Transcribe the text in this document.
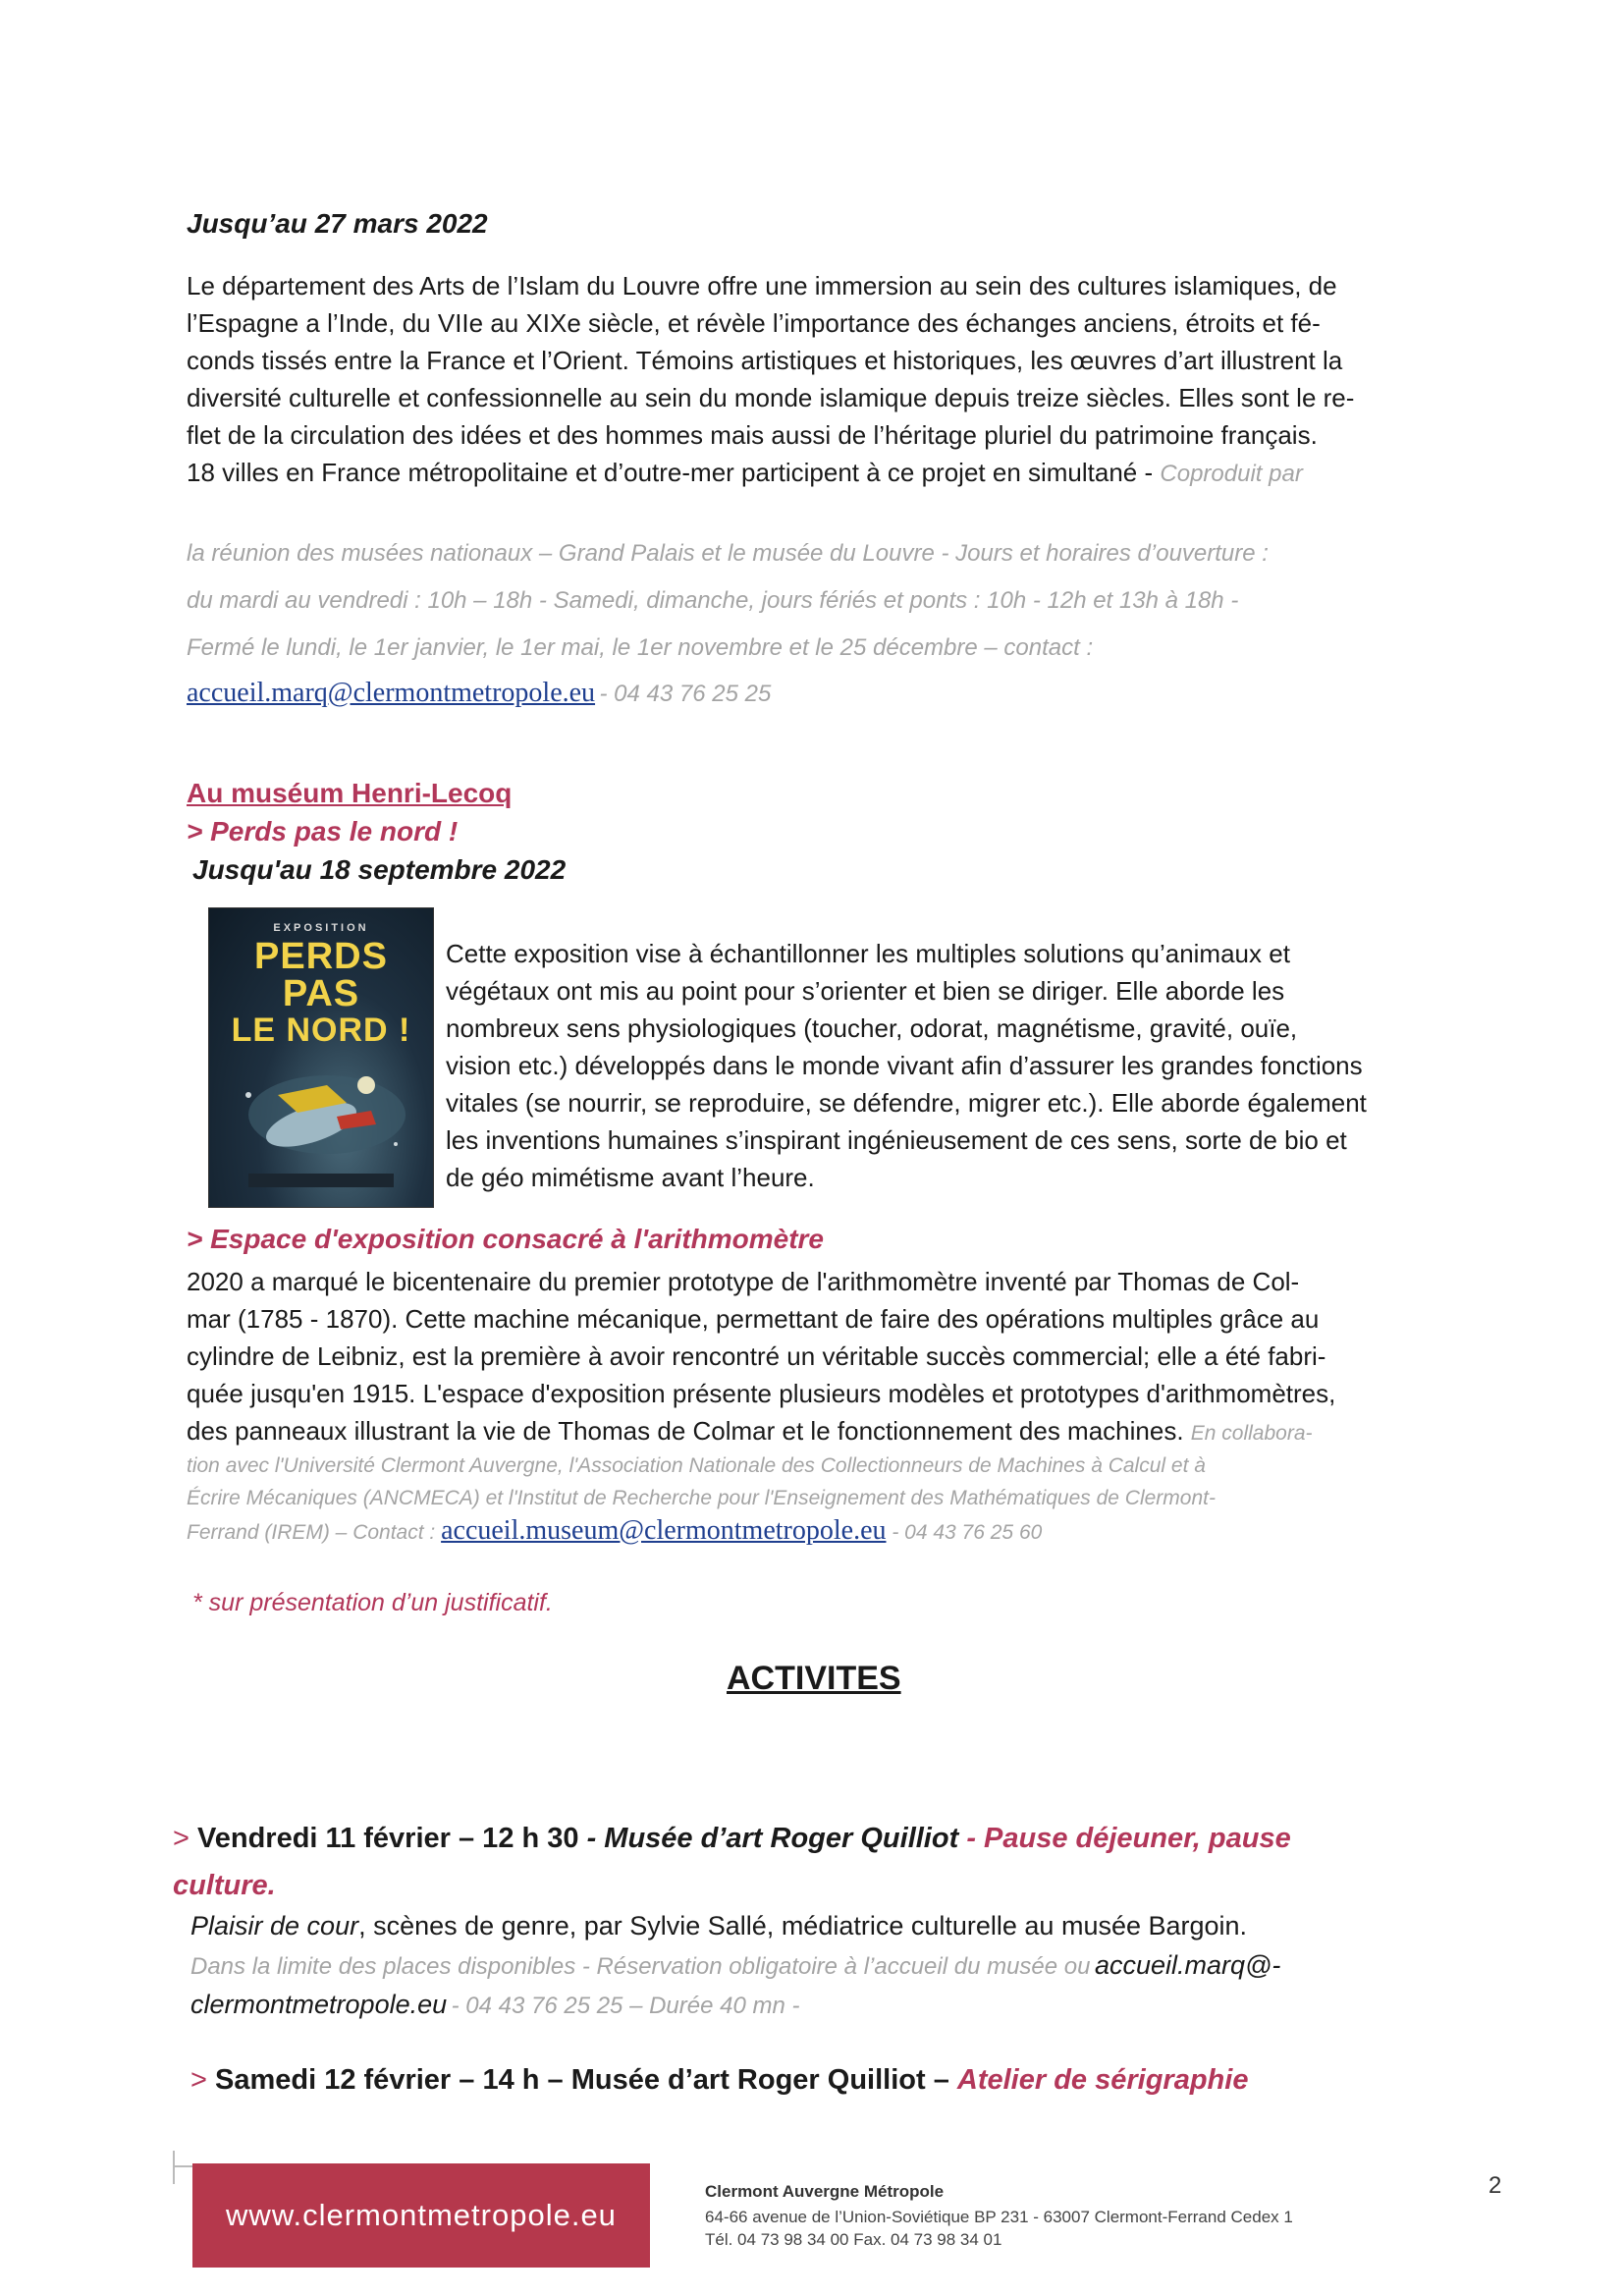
Jusqu’au 27 mars 2022
Le département des Arts de l’Islam du Louvre offre une immersion au sein des cultures islamiques, de
l’Espagne a l’Inde, du VIIe au XIXe siècle, et révèle l’importance des échanges anciens, étroits et fé-
conds tissés entre la France et l’Orient. Témoins artistiques et historiques, les œuvres d’art illustrent la
diversité culturelle et confessionnelle au sein du monde islamique depuis treize siècles. Elles sont le re-
flet de la circulation des idées et des hommes mais aussi de l’héritage pluriel du patrimoine français.
18 villes en France métropolitaine et d’outre-mer participent à ce projet en simultané - Coproduit par
la réunion des musées nationaux – Grand Palais et le musée du Louvre - Jours et horaires d’ouverture :
du mardi au vendredi : 10h – 18h - Samedi, dimanche, jours fériés et ponts : 10h - 12h et 13h à 18h -
Fermé le lundi, le 1er janvier, le 1er mai, le 1er novembre et le 25 décembre – contact :
accueil.marq@clermontmetropole.eu - 04 43 76 25 25
Au muséum Henri-Lecoq
> Perds pas le nord !
Jusqu'au 18 septembre 2022
EXPOSITION
PERDS
PAS
LE NORD !
Cette exposition vise à échantillonner les multiples solutions qu’animaux et
végétaux ont mis au point pour s’orienter et bien se diriger. Elle aborde les
nombreux sens physiologiques (toucher, odorat, magnétisme, gravité, ouïe,
vision etc.) développés dans le monde vivant afin d’assurer les grandes fonctions
vitales (se nourrir, se reproduire, se défendre, migrer etc.). Elle aborde également
les inventions humaines s’inspirant ingénieusement de ces sens, sorte de bio et
de géo mimétisme avant l’heure.
> Espace d'exposition consacré à l'arithmomètre
2020 a marqué le bicentenaire du premier prototype de l'arithmomètre inventé par Thomas de Col-
mar (1785 - 1870). Cette machine mécanique, permettant de faire des opérations multiples grâce au
cylindre de Leibniz, est la première à avoir rencontré un véritable succès commercial; elle a été fabri-
quée jusqu'en 1915. L'espace d'exposition présente plusieurs modèles et prototypes d'arithmomètres,
des panneaux illustrant la vie de Thomas de Colmar et le fonctionnement des machines. En collabora-
tion avec l'Université Clermont Auvergne, l'Association Nationale des Collectionneurs de Machines à Calcul et à
Écrire Mécaniques (ANCMECA) et l'Institut de Recherche pour l'Enseignement des Mathématiques de Clermont-
Ferrand (IREM) – Contact : accueil.museum@clermontmetropole.eu - 04 43 76 25 60
* sur présentation d’un justificatif.
ACTIVITES
> Vendredi 11 février – 12 h 30 - Musée d’art Roger Quilliot - Pause déjeuner, pause
culture.
Plaisir de cour, scènes de genre, par Sylvie Sallé, médiatrice culturelle au musée Bargoin.
Dans la limite des places disponibles - Réservation obligatoire à l’accueil du musée ou accueil.marq@-
clermontmetropole.eu - 04 43 76 25 25 – Durée 40 mn -
> Samedi 12 février – 14 h – Musée d’art Roger Quilliot – Atelier de sérigraphie
www.clermontmetropole.eu
Clermont Auvergne Métropole
64-66 avenue de l’Union-Soviétique BP 231 - 63007 Clermont-Ferrand Cedex 1
Tél. 04 73 98 34 00 Fax. 04 73 98 34 01
2
